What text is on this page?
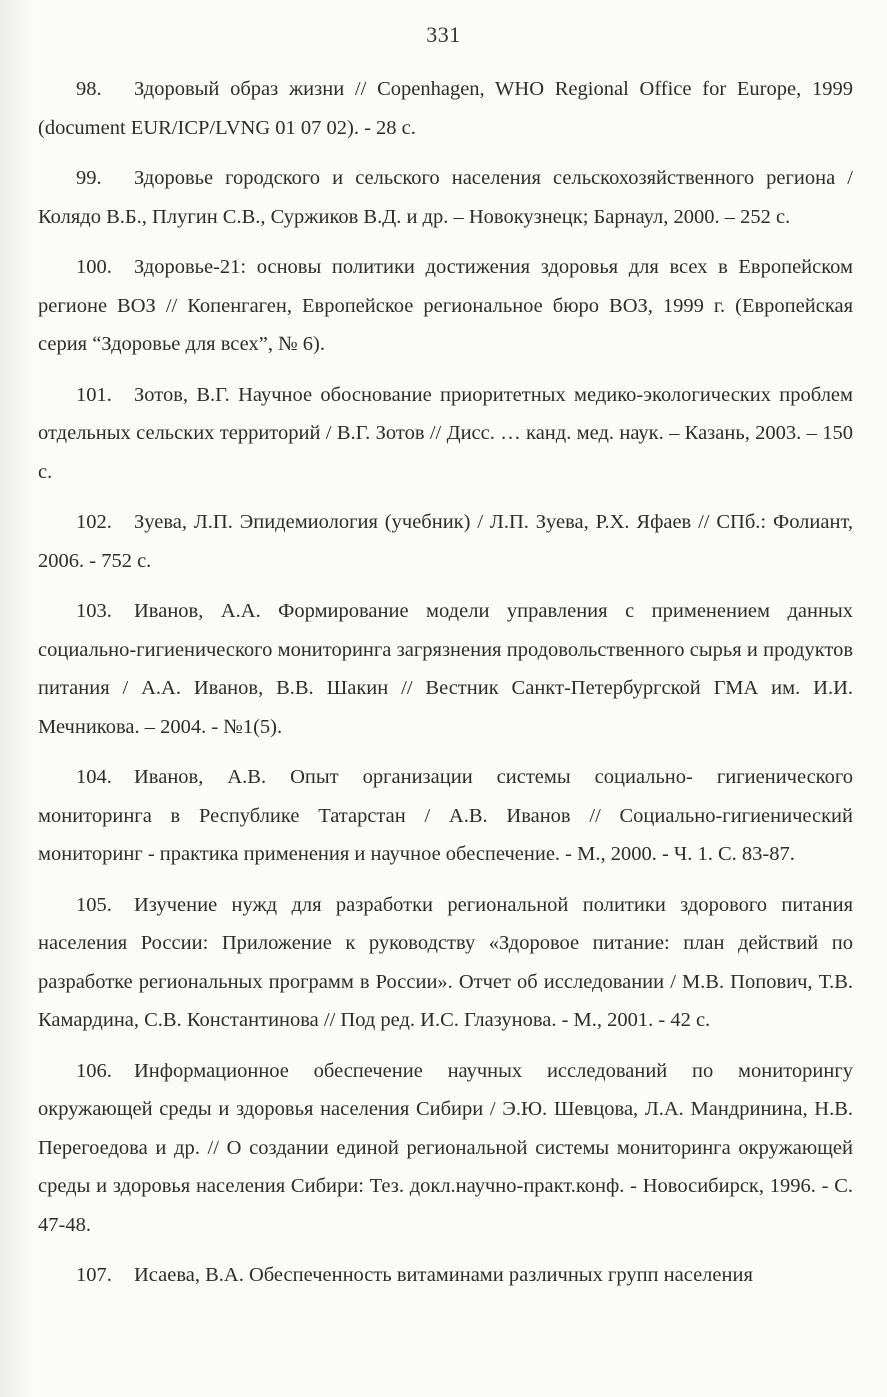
331

98. Здоровый образ жизни // Copenhagen, WHO Regional Office for Europe, 1999 (document EUR/ICP/LVNG 01 07 02). - 28 с.

99. Здоровье городского и сельского населения сельскохозяйственного региона / Колядо В.Б., Плугин С.В., Суржиков В.Д. и др. – Новокузнецк; Барнаул, 2000. – 252 с.

100. Здоровье-21: основы политики достижения здоровья для всех в Европейском регионе ВОЗ // Копенгаген, Европейское региональное бюро ВОЗ, 1999 г. (Европейская серия “Здоровье для всех”, № 6).

101. Зотов, В.Г. Научное обоснование приоритетных медико-экологических проблем отдельных сельских территорий / В.Г. Зотов // Дисс. … канд. мед. наук. – Казань, 2003. – 150 с.

102. Зуева, Л.П. Эпидемиология (учебник) / Л.П. Зуева, Р.Х. Яфаев // СПб.: Фолиант, 2006. - 752 с.

103. Иванов, А.А. Формирование модели управления с применением данных социально-гигиенического мониторинга загрязнения продовольственного сырья и продуктов питания / А.А. Иванов, В.В. Шакин // Вестник Санкт-Петербургской ГМА им. И.И. Мечникова. – 2004. - №1(5).

104. Иванов, А.В. Опыт организации системы социально- гигиенического мониторинга в Республике Татарстан / А.В. Иванов // Социально-гигиенический мониторинг - практика применения и научное обеспечение. - М., 2000. - Ч. 1. С. 83-87.

105. Изучение нужд для разработки региональной политики здорового питания населения России: Приложение к руководству «Здоровое питание: план действий по разработке региональных программ в России». Отчет об исследовании / М.В. Попович, Т.В. Камардина, С.В. Константинова // Под ред. И.С. Глазунова. - М., 2001. - 42 с.

106. Информационное обеспечение научных исследований по мониторингу окружающей среды и здоровья населения Сибири / Э.Ю. Шевцова, Л.А. Мандринина, Н.В. Перегоедова и др. // О создании единой региональной системы мониторинга окружающей среды и здоровья населения Сибири: Тез. докл.научно-практ.конф. - Новосибирск, 1996. - С. 47-48.

107. Исаева, В.А. Обеспеченность витаминами различных групп населения
